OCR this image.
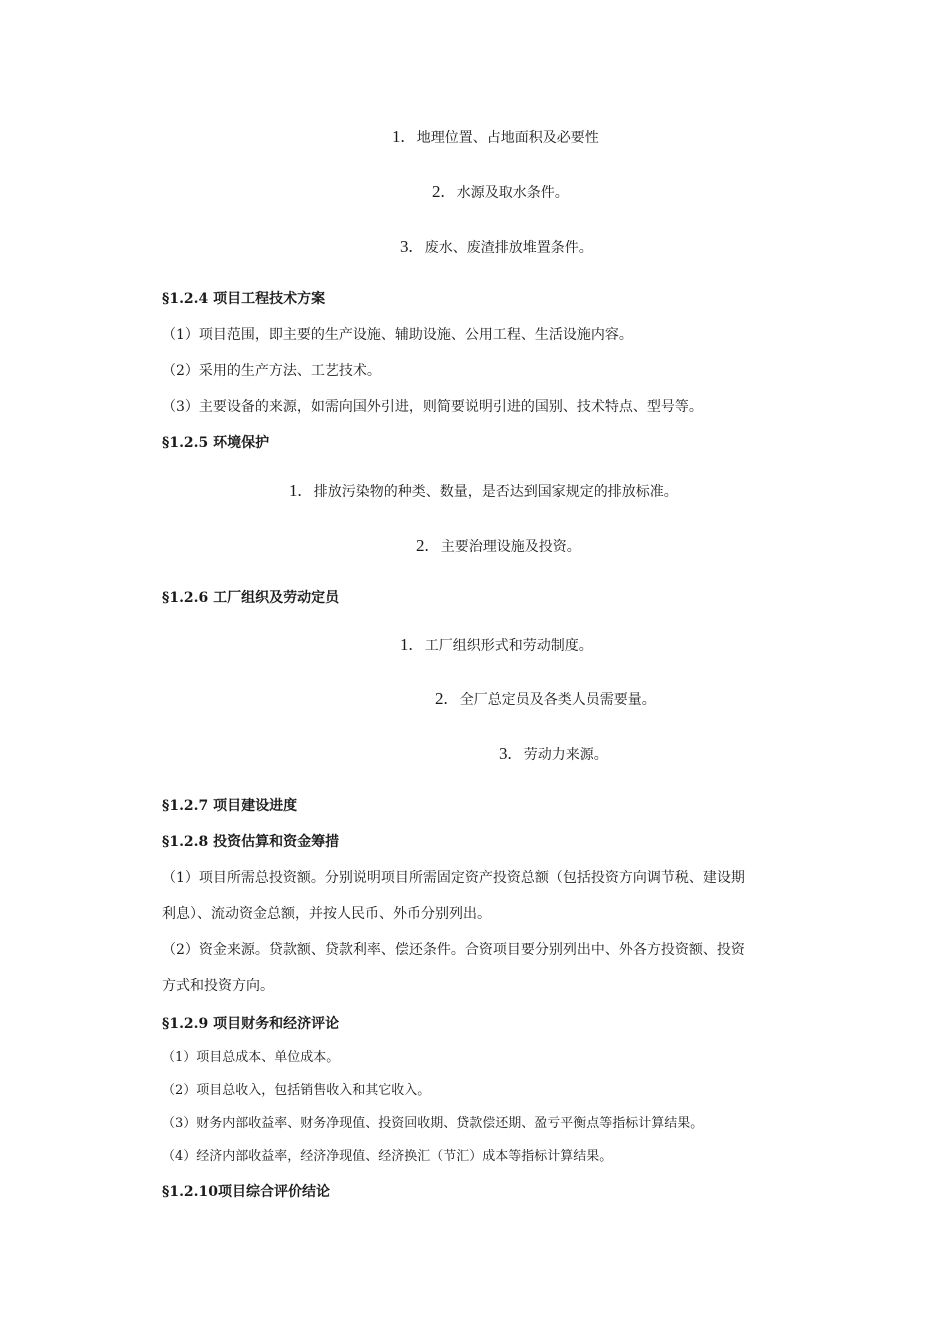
1. 地理位置、占地面积及必要性
2. 水源及取水条件。
3. 废水、废渣排放堆置条件。
§1.2.4 项目工程技术方案
（1）项目范围，即主要的生产设施、辅助设施、公用工程、生活设施内容。
（2）采用的生产方法、工艺技术。
（3）主要设备的来源，如需向国外引进，则简要说明引进的国别、技术特点、型号等。
§1.2.5 环境保护
1. 排放污染物的种类、数量，是否达到国家规定的排放标准。
2. 主要治理设施及投资。
§1.2.6 工厂组织及劳动定员
1. 工厂组织形式和劳动制度。
2. 全厂总定员及各类人员需要量。
3. 劳动力来源。
§1.2.7 项目建设进度
§1.2.8 投资估算和资金筹措
（1）项目所需总投资额。分别说明项目所需固定资产投资总额（包括投资方向调节税、建设期
利息）、流动资金总额，并按人民币、外币分别列出。
（2）资金来源。贷款额、贷款利率、偿还条件。合资项目要分别列出中、外各方投资额、投资
方式和投资方向。
§1.2.9 项目财务和经济评论
（1）项目总成本、单位成本。
（2）项目总收入，包括销售收入和其它收入。
（3）财务内部收益率、财务净现值、投资回收期、贷款偿还期、盈亏平衡点等指标计算结果。
（4）经济内部收益率，经济净现值、经济换汇（节汇）成本等指标计算结果。
§1.2.10项目综合评价结论
